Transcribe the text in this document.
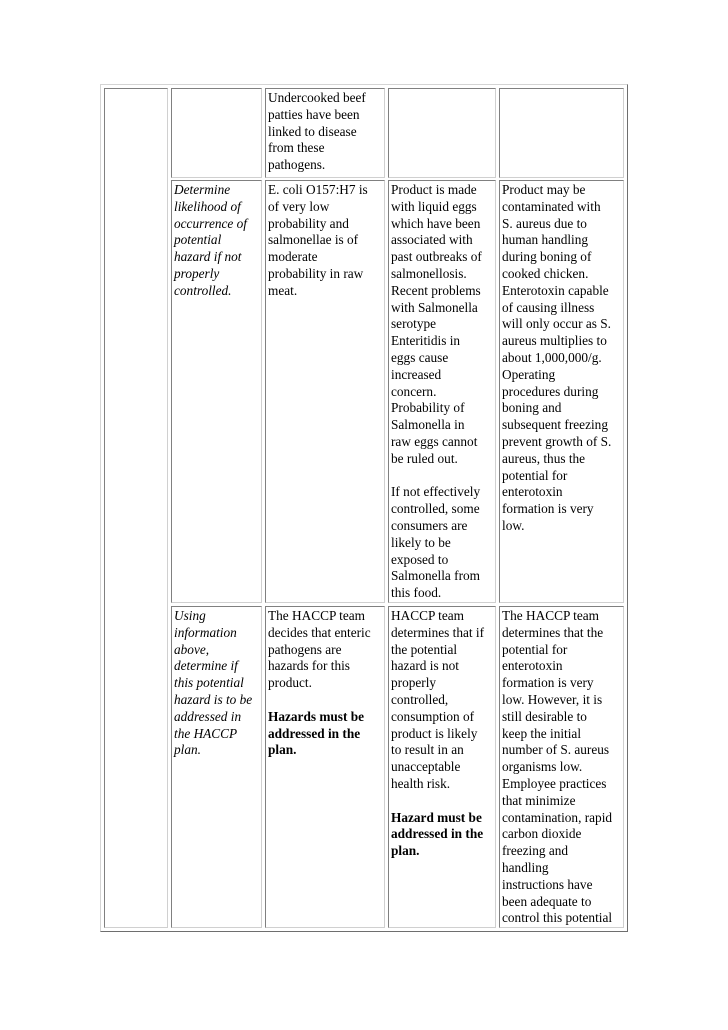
Undercooked beef
patties have been
linked to disease
from these
pathogens.
Determine
likelihood of
occurrence of
potential
hazard if not
properly
controlled.
E. coli O157:H7 is
of very low
probability and
salmonellae is of
moderate
probability in raw
meat.
Product is made
with liquid eggs
which have been
associated with
past outbreaks of
salmonellosis.
Recent problems
with Salmonella
serotype
Enteritidis in
eggs cause
increased
concern.
Probability of
Salmonella in
raw eggs cannot
be ruled out.
If not effectively
controlled, some
consumers are
likely to be
exposed to
Salmonella from
this food.
Product may be
contaminated with
S. aureus due to
human handling
during boning of
cooked chicken.
Enterotoxin capable
of causing illness
will only occur as S.
aureus multiplies to
about 1,000,000/g.
Operating
procedures during
boning and
subsequent freezing
prevent growth of S.
aureus, thus the
potential for
enterotoxin
formation is very
low.
Using
information
above,
determine if
this potential
hazard is to be
addressed in
the HACCP
plan.
The HACCP team
decides that enteric
pathogens are
hazards for this
product.
Hazards must be
addressed in the
plan.
HACCP team
determines that if
the potential
hazard is not
properly
controlled,
consumption of
product is likely
to result in an
unacceptable
health risk.
Hazard must be
addressed in the
plan.
The HACCP team
determines that the
potential for
enterotoxin
formation is very
low. However, it is
still desirable to
keep the initial
number of S. aureus
organisms low.
Employee practices
that minimize
contamination, rapid
carbon dioxide
freezing and
handling
instructions have
been adequate to
control this potential
